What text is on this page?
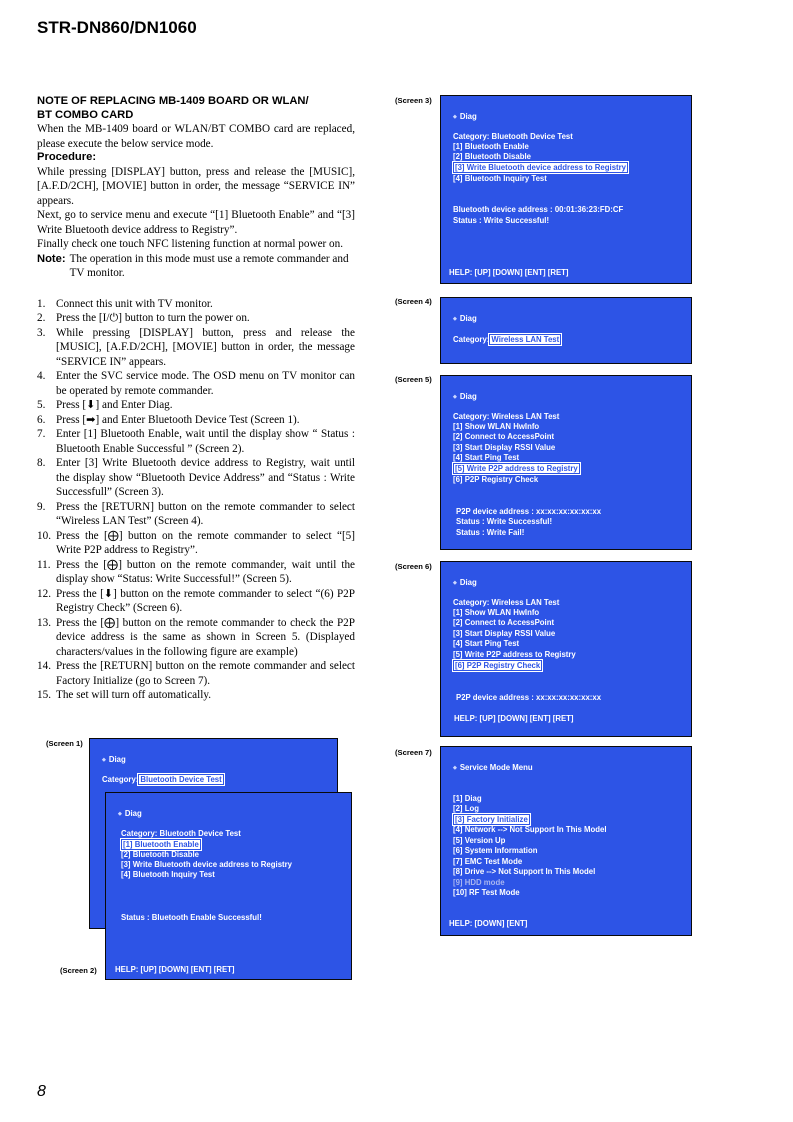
STR-DN860/DN1060
8
NOTE OF REPLACING MB-1409 BOARD OR WLAN/
BT COMBO CARD

When the MB-1409 board or WLAN/BT COMBO card are replaced, please execute the below service mode.

Procedure:

While pressing [DISPLAY] button, press and release the [MUSIC], [A.F.D/2CH], [MOVIE] button in order, the message “SERVICE IN” appears.

Next, go to service menu and execute “[1] Bluetooth Enable” and “[3] Write Bluetooth device address to Registry”.

Finally check one touch NFC listening function at normal power on.

Note: The operation in this mode must use a remote commander and TV monitor.
1. Connect this unit with TV monitor.
2. Press the [I/⏻] button to turn the power on.
3. While pressing [DISPLAY] button, press and release the [MUSIC], [A.F.D/2CH], [MOVIE] button in order, the message “SERVICE IN” appears.
4. Enter the SVC service mode. The OSD menu on TV monitor can be operated by remote commander.
5. Press [⬇] and Enter Diag.
6. Press [➡] and Enter Bluetooth Device Test (Screen 1).
7. Enter [1] Bluetooth Enable, wait until the display show “ Status : Bluetooth Enable Successful ” (Screen 2).
8. Enter [3] Write Bluetooth device address to Registry, wait until the display show “Bluetooth Device Address” and “Status : Write Successfull” (Screen 3).
9. Press the [RETURN] button on the remote commander to select “Wireless LAN Test” (Screen 4).
10. Press the [⨁] button on the remote commander to select “[5] Write P2P address to Registry”.
11. Press the [⨁] button on the remote commander, wait until the display show “Status: Write Successful!” (Screen 5).
12. Press the [⬇] button on the remote commander to select “(6) P2P Registry Check” (Screen 6).
13. Press the [⨁] button on the remote commander to check the P2P device address is the same as shown in Screen 5. (Displayed characters/values in the following figure are example)
14. Press the [RETURN] button on the remote commander and select Factory Initialize (go to Screen 7).
15. The set will turn off automatically.
(Screen 1)
◆ Diag
Category: Bluetooth Device Test
(Screen 2)
◆ Diag
Category: Bluetooth Device Test
[1] Bluetooth Enable
[2] Bluetooth Disable
[3] Write Bluetooth device address to Registry
[4] Bluetooth Inquiry Test
Status : Bluetooth Enable Successful!
HELP: [UP] [DOWN] [ENT] [RET]
(Screen 3)
◆ Diag
Category: Bluetooth Device Test
[1] Bluetooth Enable
[2] Bluetooth Disable
[3] Write Bluetooth device address to Registry
[4] Bluetooth Inquiry Test
Bluetooth device address : 00:01:36:23:FD:CF
Status : Write Successful!
HELP: [UP] [DOWN] [ENT] [RET]
(Screen 4)
◆ Diag
Category: Wireless LAN Test
(Screen 5)
◆ Diag
Category: Wireless LAN Test
[1] Show WLAN HwInfo
[2] Connect to AccessPoint
[3] Start Display RSSI Value
[4] Start Ping Test
[5] Write P2P address to Registry
[6] P2P Registry Check
P2P device address : xx:xx:xx:xx:xx:xx
Status : Write Successful!
Status : Write Fail!
(Screen 6)
◆ Diag
Category: Wireless LAN Test
[1] Show WLAN HwInfo
[2] Connect to AccessPoint
[3] Start Display RSSI Value
[4] Start Ping Test
[5] Write P2P address to Registry
[6] P2P Registry Check
P2P device address : xx:xx:xx:xx:xx:xx
HELP: [UP] [DOWN] [ENT] [RET]
(Screen 7)
◆ Service Mode Menu
[1] Diag
[2] Log
[3] Factory Initialize
[4] Network --> Not Support In This Model
[5] Version Up
[6] System Information
[7] EMC Test Mode
[8] Drive --> Not Support In This Model
[9] HDD mode
[10] RF Test Mode
HELP: [DOWN] [ENT]
